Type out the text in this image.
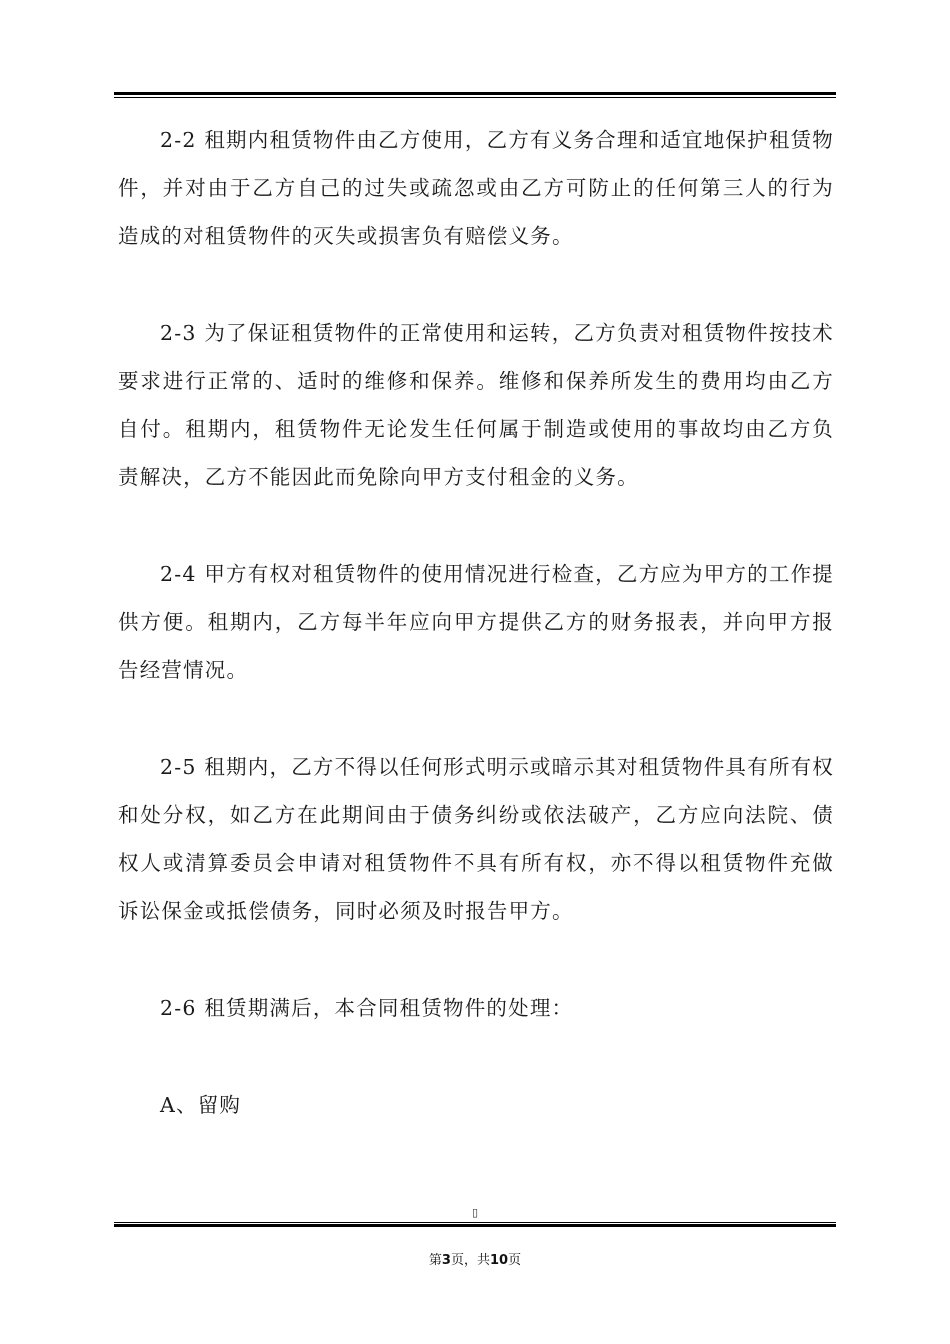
2-2 租期内租赁物件由乙方使用，乙方有义务合理和适宜地保护租赁物件，并对由于乙方自己的过失或疏忽或由乙方可防止的任何第三人的行为造成的对租赁物件的灭失或损害负有赔偿义务。

2-3 为了保证租赁物件的正常使用和运转，乙方负责对租赁物件按技术要求进行正常的、适时的维修和保养。维修和保养所发生的费用均由乙方自付。租期内，租赁物件无论发生任何属于制造或使用的事故均由乙方负责解决，乙方不能因此而免除向甲方支付租金的义务。

2-4 甲方有权对租赁物件的使用情况进行检查，乙方应为甲方的工作提供方便。租期内，乙方每半年应向甲方提供乙方的财务报表，并向甲方报告经营情况。

2-5 租期内，乙方不得以任何形式明示或暗示其对租赁物件具有所有权和处分权，如乙方在此期间由于债务纠纷或依法破产，乙方应向法院、债权人或清算委员会申请对租赁物件不具有所有权，亦不得以租赁物件充做诉讼保金或抵偿债务，同时必须及时报告甲方。

2-6 租赁期满后，本合同租赁物件的处理：

A、留购

▯
第3页，共10页
